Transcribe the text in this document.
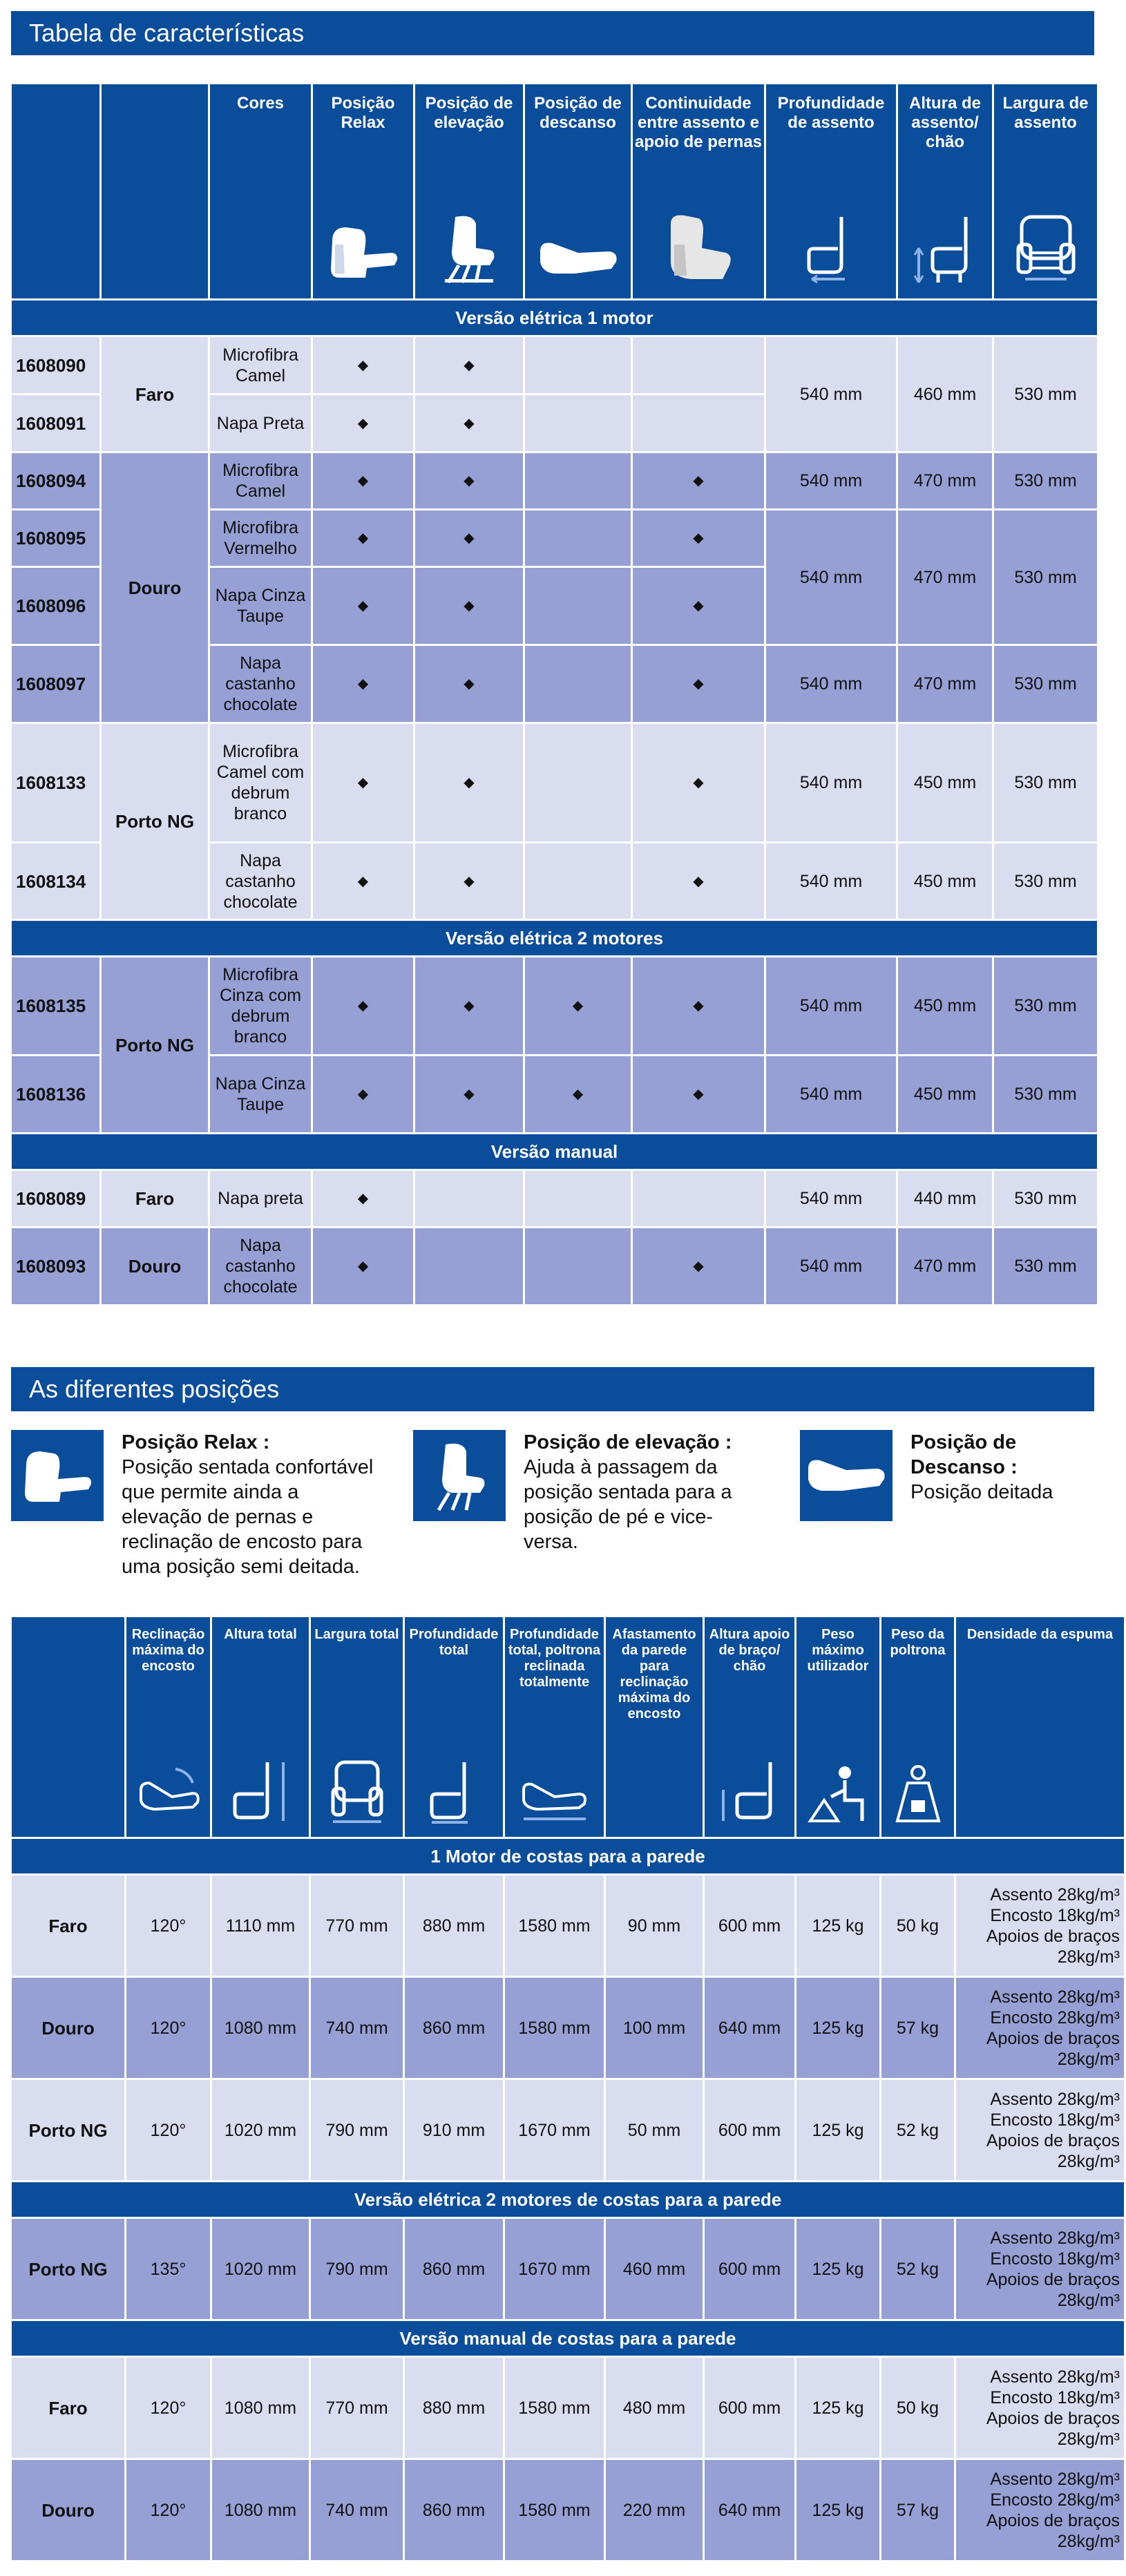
Tabela de características

		Cores	Posição Relax	Posição de elevação	Posição de descanso	Continuidade entre assento e apoio de pernas	Profundidade de assento	Altura de assento/ chão	Largura de assento

Versão elétrica 1 motor									
1608090	Faro	Microfibra Camel	◆	◆			540 mm	460 mm	530 mm
1608091		Napa Preta	◆	◆					
1608094	Douro	Microfibra Camel	◆	◆		◆	540 mm	470 mm	530 mm
1608095		Microfibra Vermelho	◆	◆		◆	540 mm	470 mm	530 mm
1608096		Napa Cinza Taupe	◆	◆		◆			
1608097		Napa castanho chocolate	◆	◆		◆	540 mm	470 mm	530 mm
1608133	Porto NG	Microfibra Camel com debrum branco	◆	◆		◆	540 mm	450 mm	530 mm
1608134		Napa castanho chocolate	◆	◆		◆	540 mm	450 mm	530 mm
Versão elétrica 2 motores									
1608135	Porto NG	Microfibra Cinza com debrum branco	◆	◆	◆	◆	540 mm	450 mm	530 mm
1608136		Napa Cinza Taupe	◆	◆	◆	◆	540 mm	450 mm	530 mm
Versão manual									
1608089	Faro	Napa preta	◆				540 mm	440 mm	530 mm
1608093	Douro	Napa castanho chocolate	◆			◆	540 mm	470 mm	530 mm
As diferentes posições
Posição Relax :
Posição sentada confortável que permite ainda a elevação de pernas e reclinação de encosto para uma posição semi deitada.
Posição de elevação :
Ajuda à passagem da posição sentada para a posição de pé e vice-versa.
Posição de Descanso :
Posição deitada

	Reclinação máxima do encosto	Altura total	Largura total	Profundidade total	Profundidade total, poltrona reclinada totalmente	Afastamento da parede para reclinação máxima do encosto	Altura apoio de braço/ chão	Peso máximo utilizador	Peso da poltrona	Densidade da espuma

1 Motor de costas para a parede										
Faro	120°	1110 mm	770 mm	880 mm	1580 mm	90 mm	600 mm	125 kg	50 kg	Assento 28kg/m³
Encosto 18kg/m³
Apoios de braços
28kg/m³

Douro	120°	1080 mm	740 mm	860 mm	1580 mm	100 mm	640 mm	125 kg	57 kg	Assento 28kg/m³
Encosto 28kg/m³
Apoios de braços
28kg/m³

Porto NG	120°	1020 mm	790 mm	910 mm	1670 mm	50 mm	600 mm	125 kg	52 kg	Assento 28kg/m³
Encosto 18kg/m³
Apoios de braços
28kg/m³

Versão elétrica 2 motores de costas para a parede										
Porto NG	135°	1020 mm	790 mm	860 mm	1670 mm	460 mm	600 mm	125 kg	52 kg	Assento 28kg/m³
Encosto 18kg/m³
Apoios de braços
28kg/m³

Versão manual de costas para a parede										
Faro	120°	1080 mm	770 mm	880 mm	1580 mm	480 mm	600 mm	125 kg	50 kg	Assento 28kg/m³
Encosto 18kg/m³
Apoios de braços
28kg/m³

Douro	120°	1080 mm	740 mm	860 mm	1580 mm	220 mm	640 mm	125 kg	57 kg	Assento 28kg/m³
Encosto 28kg/m³
Apoios de braços
28kg/m³
